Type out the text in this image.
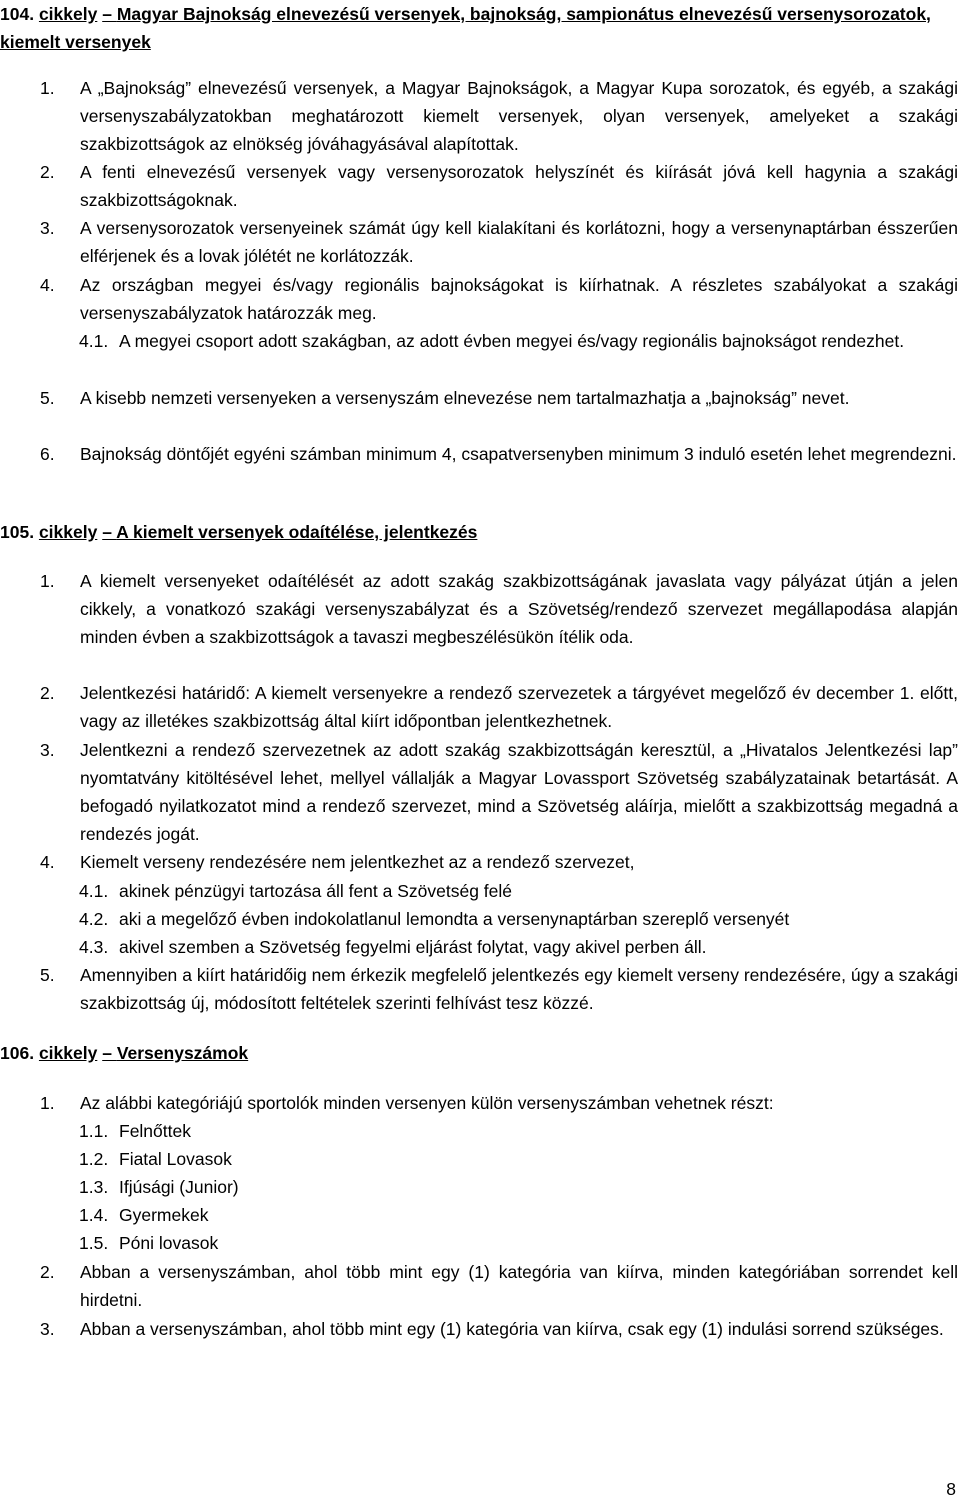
104. cikkely – Magyar Bajnokság elnevezésű versenyek, bajnokság, sampionátus elnevezésű versenysorozatok, kiemelt versenyek
1. A „Bajnokság” elnevezésű versenyek, a Magyar Bajnokságok, a Magyar Kupa sorozatok, és egyéb, a szakági versenyszabályzatokban meghatározott kiemelt versenyek, olyan versenyek, amelyeket a szakági szakbizottságok az elnökség jóváhagyásával alapítottak.
2. A fenti elnevezésű versenyek vagy versenysorozatok helyszínét és kiírását jóvá kell hagynia a szakági szakbizottságoknak.
3. A versenysorozatok versenyeinek számát úgy kell kialakítani és korlátozni, hogy a versenynaptárban ésszerűen elférjenek és a lovak jólétét ne korlátozzák.
4. Az országban megyei és/vagy regionális bajnokságokat is kiírhatnak. A részletes szabályokat a szakági versenyszabályzatok határozzák meg.
4.1. A megyei csoport adott szakágban, az adott évben megyei és/vagy regionális bajnokságot rendezhet.
5. A kisebb nemzeti versenyeken a versenyszám elnevezése nem tartalmazhatja a „bajnokság” nevet.
6. Bajnokság döntőjét egyéni számban minimum 4, csapatversenyben minimum 3 induló esetén lehet megrendezni.
105. cikkely – A kiemelt versenyek odaítélése, jelentkezés
1. A kiemelt versenyeket odaítélését az adott szakág szakbizottságának javaslata vagy pályázat útján a jelen cikkely, a vonatkozó szakági versenyszabályzat és a Szövetség/rendező szervezet megállapodása alapján minden évben a szakbizottságok a tavaszi megbeszélésükön ítélik oda.
2. Jelentkezési határidő: A kiemelt versenyekre a rendező szervezetek a tárgyévet megelőző év december 1. előtt, vagy az illetékes szakbizottság által kiírt időpontban jelentkezhetnek.
3. Jelentkezni a rendező szervezetnek az adott szakág szakbizottságán keresztül, a „Hivatalos Jelentkezési lap” nyomtatvány kitöltésével lehet, mellyel vállalják a Magyar Lovassport Szövetség szabályzatainak betartását. A befogadó nyilatkozatot mind a rendező szervezet, mind a Szövetség aláírja, mielőtt a szakbizottság megadná a rendezés jogát.
4. Kiemelt verseny rendezésére nem jelentkezhet az a rendező szervezet,
4.1. akinek pénzügyi tartozása áll fent a Szövetség felé
4.2. aki a megelőző évben indokolatlanul lemondta a versenynaptárban szereplő versenyét
4.3. akivel szemben a Szövetség fegyelmi eljárást folytat, vagy akivel perben áll.
5. Amennyiben a kiírt határidőig nem érkezik megfelelő jelentkezés egy kiemelt verseny rendezésére, úgy a szakági szakbizottság új, módosított feltételek szerinti felhívást tesz közzé.
106. cikkely – Versenyszámok
1. Az alábbi kategóriájú sportolók minden versenyen külön versenyszámban vehetnek részt:
1.1. Felnőttek
1.2. Fiatal Lovasok
1.3. Ifjúsági (Junior)
1.4. Gyermekek
1.5. Póni lovasok
2. Abban a versenyszámban, ahol több mint egy (1) kategória van kiírva, minden kategóriában sorrendet kell hirdetni.
3. Abban a versenyszámban, ahol több mint egy (1) kategória van kiírva, csak egy (1) indulási sorrend szükséges.
8
